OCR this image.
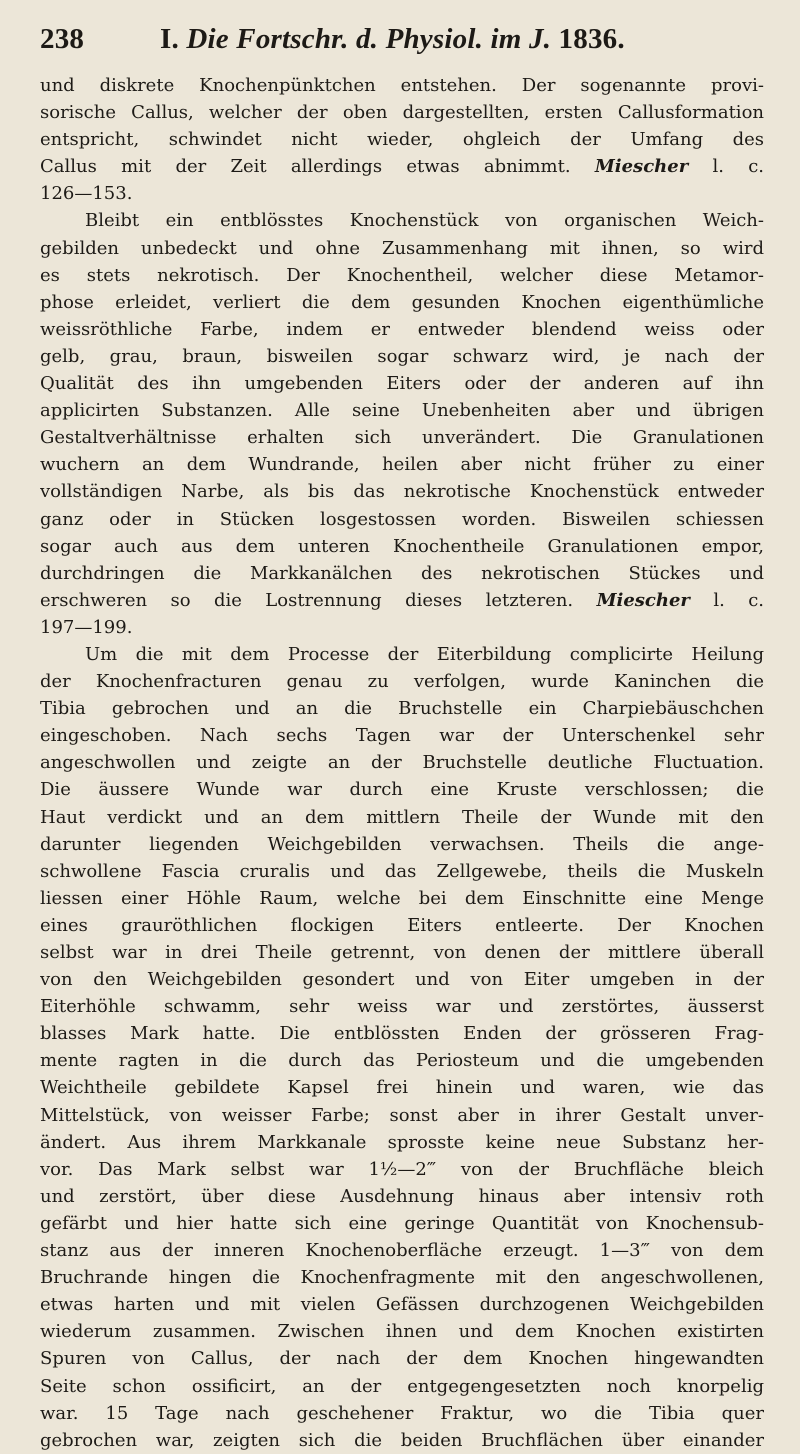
238	I. Die Fortschr. d. Physiol. im J. 1836.
und diskrete Knochenpünktchen entstehen. Der sogenannte provi-
sorische Callus, welcher der oben dargestellten, ersten Callusformation
entspricht, schwindet nicht wieder, ohgleich der Umfang des
Callus mit der Zeit allerdings etwas abnimmt. Miescher l. c.
126—153.
Bleibt ein entblösstes Knochenstück von organischen Weich-
gebilden unbedeckt und ohne Zusammenhang mit ihnen, so wird
es stets nekrotisch. Der Knochentheil, welcher diese Metamor-
phose erleidet, verliert die dem gesunden Knochen eigenthümliche
weissröthliche Farbe, indem er entweder blendend weiss oder
gelb, grau, braun, bisweilen sogar schwarz wird, je nach der
Qualität des ihn umgebenden Eiters oder der anderen auf ihn
applicirten Substanzen. Alle seine Unebenheiten aber und übrigen
Gestaltverhältnisse erhalten sich unverändert. Die Granulationen
wuchern an dem Wundrande, heilen aber nicht früher zu einer
vollständigen Narbe, als bis das nekrotische Knochenstück entweder
ganz oder in Stücken losgestossen worden. Bisweilen schiessen
sogar auch aus dem unteren Knochentheile Granulationen empor,
durchdringen die Markkanälchen des nekrotischen Stückes und
erschweren so die Lostrennung dieses letzteren. Miescher l. c.
197—199.
Um die mit dem Processe der Eiterbildung complicirte Heilung
der Knochenfracturen genau zu verfolgen, wurde Kaninchen die
Tibia gebrochen und an die Bruchstelle ein Charpiebäuschchen
eingeschoben. Nach sechs Tagen war der Unterschenkel sehr
angeschwollen und zeigte an der Bruchstelle deutliche Fluctuation.
Die äussere Wunde war durch eine Kruste verschlossen; die
Haut verdickt und an dem mittlern Theile der Wunde mit den
darunter liegenden Weichgebilden verwachsen. Theils die ange-
schwollene Fascia cruralis und das Zellgewebe, theils die Muskeln
liessen einer Höhle Raum, welche bei dem Einschnitte eine Menge
eines grauröthlichen flockigen Eiters entleerte. Der Knochen
selbst war in drei Theile getrennt, von denen der mittlere überall
von den Weichgebilden gesondert und von Eiter umgeben in der
Eiterhöhle schwamm, sehr weiss war und zerstörtes, äusserst
blasses Mark hatte. Die entblössten Enden der grösseren Frag-
mente ragten in die durch das Periosteum und die umgebenden
Weichtheile gebildete Kapsel frei hinein und waren, wie das
Mittelstück, von weisser Farbe; sonst aber in ihrer Gestalt unver-
ändert. Aus ihrem Markkanale sprosste keine neue Substanz her-
vor. Das Mark selbst war 1½—2‴ von der Bruchfläche bleich
und zerstört, über diese Ausdehnung hinaus aber intensiv roth
gefärbt und hier hatte sich eine geringe Quantität von Knochensub-
stanz aus der inneren Knochenoberfläche erzeugt. 1—3‴ von dem
Bruchrande hingen die Knochenfragmente mit den angeschwollenen,
etwas harten und mit vielen Gefässen durchzogenen Weichgebilden
wiederum zusammen. Zwischen ihnen und dem Knochen existirten
Spuren von Callus, der nach der dem Knochen hingewandten
Seite schon ossificirt, an der entgegengesetzten noch knorpelig
war. 15 Tage nach geschehener Fraktur, wo die Tibia quer
gebrochen war, zeigten sich die beiden Bruchflächen über einander
